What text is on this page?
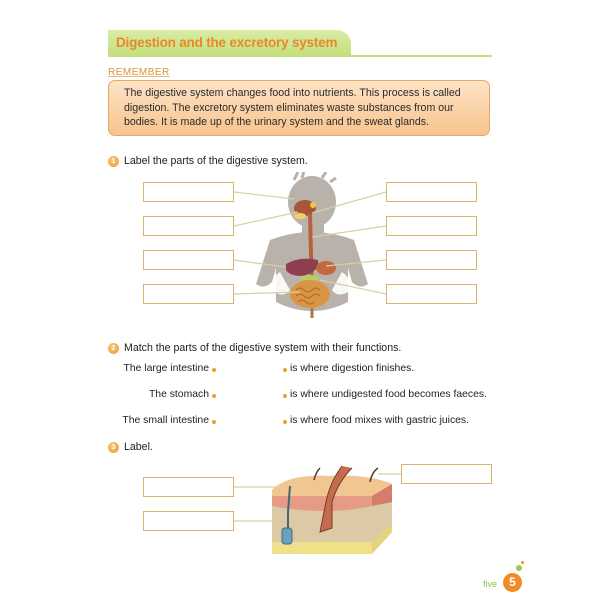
Digestion and the excretory system
REMEMBER
The digestive system changes food into nutrients. This process is called digestion. The excretory system eliminates waste substances from our bodies. It is made up of the urinary system and the sweat glands.
1 Label the parts of the digestive system.
2 Match the parts of the digestive system with their functions.
The large intestine
The stomach
The small intestine
is where digestion finishes.
is where undigested food becomes faeces.
is where food mixes with gastric juices.
3 Label.
five	5
